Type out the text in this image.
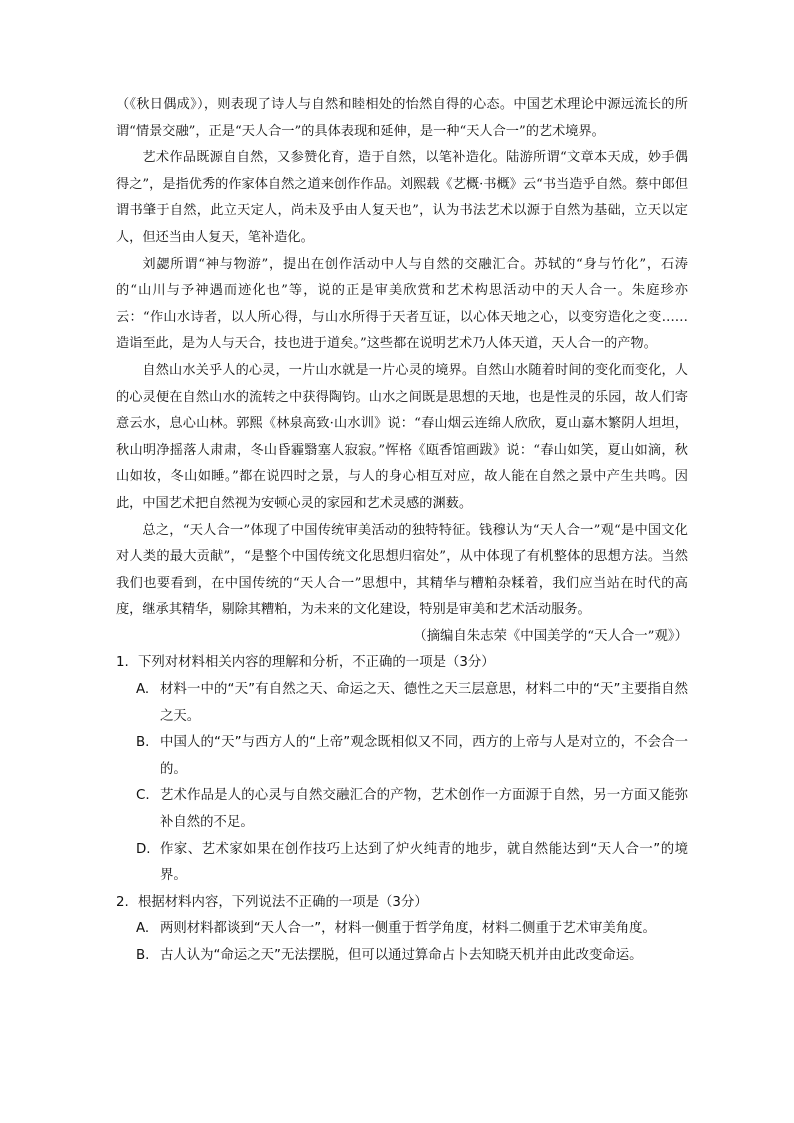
（《秋日偶成》），则表现了诗人与自然和睦相处的怡然自得的心态。中国艺术理论中源远流长的所谓“情景交融”，正是“天人合一”的具体表现和延伸，是一种“天人合一”的艺术境界。

艺术作品既源自自然，又参赞化育，造于自然，以笔补造化。陆游所谓“文章本天成，妙手偶得之”，是指优秀的作家体自然之道来创作作品。刘熙载《艺概·书概》云“书当造乎自然。蔡中郎但谓书肇于自然，此立天定人，尚未及乎由人复天也”，认为书法艺术以源于自然为基础，立天以定人，但还当由人复天，笔补造化。

刘勰所谓“神与物游”，提出在创作活动中人与自然的交融汇合。苏轼的“身与竹化”，石涛的“山川与予神遇而迹化也”等，说的正是审美欣赏和艺术构思活动中的天人合一。朱庭珍亦云：“作山水诗者，以人所心得，与山水所得于天者互证，以心体天地之心，以变穷造化之变……造诣至此，是为人与天合，技也进于道矣。”这些都在说明艺术乃人体天道，天人合一的产物。

自然山水关乎人的心灵，一片山水就是一片心灵的境界。自然山水随着时间的变化而变化，人的心灵便在自然山水的流转之中获得陶钧。山水之间既是思想的天地，也是性灵的乐园，故人们寄意云水，息心山林。郭熙《林泉高致·山水训》说：“春山烟云连绵人欣欣，夏山嘉木繁阴人坦坦，秋山明净摇落人肃肃，冬山昏霾翳塞人寂寂。”恽格《瓯香馆画跋》说：“春山如笑，夏山如滴，秋山如妆，冬山如睡。”都在说四时之景，与人的身心相互对应，故人能在自然之景中产生共鸣。因此，中国艺术把自然视为安顿心灵的家园和艺术灵感的渊薮。

总之，“天人合一”体现了中国传统审美活动的独特特征。钱穆认为“天人合一”观“是中国文化对人类的最大贡献”，“是整个中国传统文化思想归宿处”，从中体现了有机整体的思想方法。当然我们也要看到，在中国传统的“天人合一”思想中，其精华与糟粕杂糅着，我们应当站在时代的高度，继承其精华，剔除其糟粕，为未来的文化建设，特别是审美和艺术活动服务。

（摘编自朱志荣《中国美学的“天人合一”观》）

1. 下列对材料相关内容的理解和分析，不正确的一项是（3分）
A. 材料一中的“天”有自然之天、命运之天、德性之天三层意思，材料二中的“天”主要指自然之天。
B. 中国人的“天”与西方人的“上帝”观念既相似又不同，西方的上帝与人是对立的，不会合一的。
C. 艺术作品是人的心灵与自然交融汇合的产物，艺术创作一方面源于自然，另一方面又能弥补自然的不足。
D. 作家、艺术家如果在创作技巧上达到了炉火纯青的地步，就自然能达到“天人合一”的境界。
2. 根据材料内容，下列说法不正确的一项是（3分）
A. 两则材料都谈到“天人合一”，材料一侧重于哲学角度，材料二侧重于艺术审美角度。
B. 古人认为“命运之天”无法摆脱，但可以通过算命占卜去知晓天机并由此改变命运。
